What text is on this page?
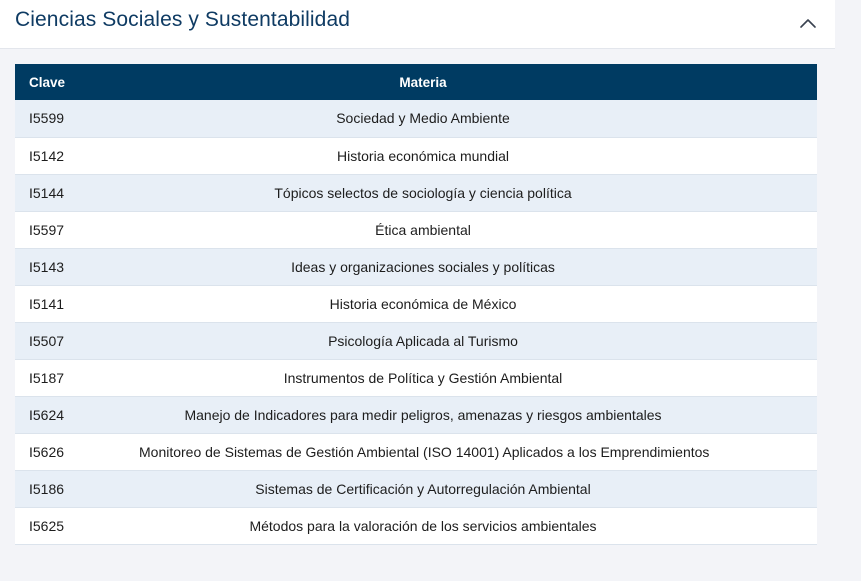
Ciencias Sociales y Sustentabilidad
Clave	Materia
I5599	Sociedad y Medio Ambiente
I5142	Historia económica mundial
I5144	Tópicos selectos de sociología y ciencia política
I5597	Ética ambiental
I5143	Ideas y organizaciones sociales y políticas
I5141	Historia económica de México
I5507	Psicología Aplicada al Turismo
I5187	Instrumentos de Política y Gestión Ambiental
I5624	Manejo de Indicadores para medir peligros, amenazas y riesgos ambientales
I5626	Monitoreo de Sistemas de Gestión Ambiental (ISO 14001) Aplicados a los Emprendimientos
I5186	Sistemas de Certificación y Autorregulación Ambiental
I5625	Métodos para la valoración de los servicios ambientales
